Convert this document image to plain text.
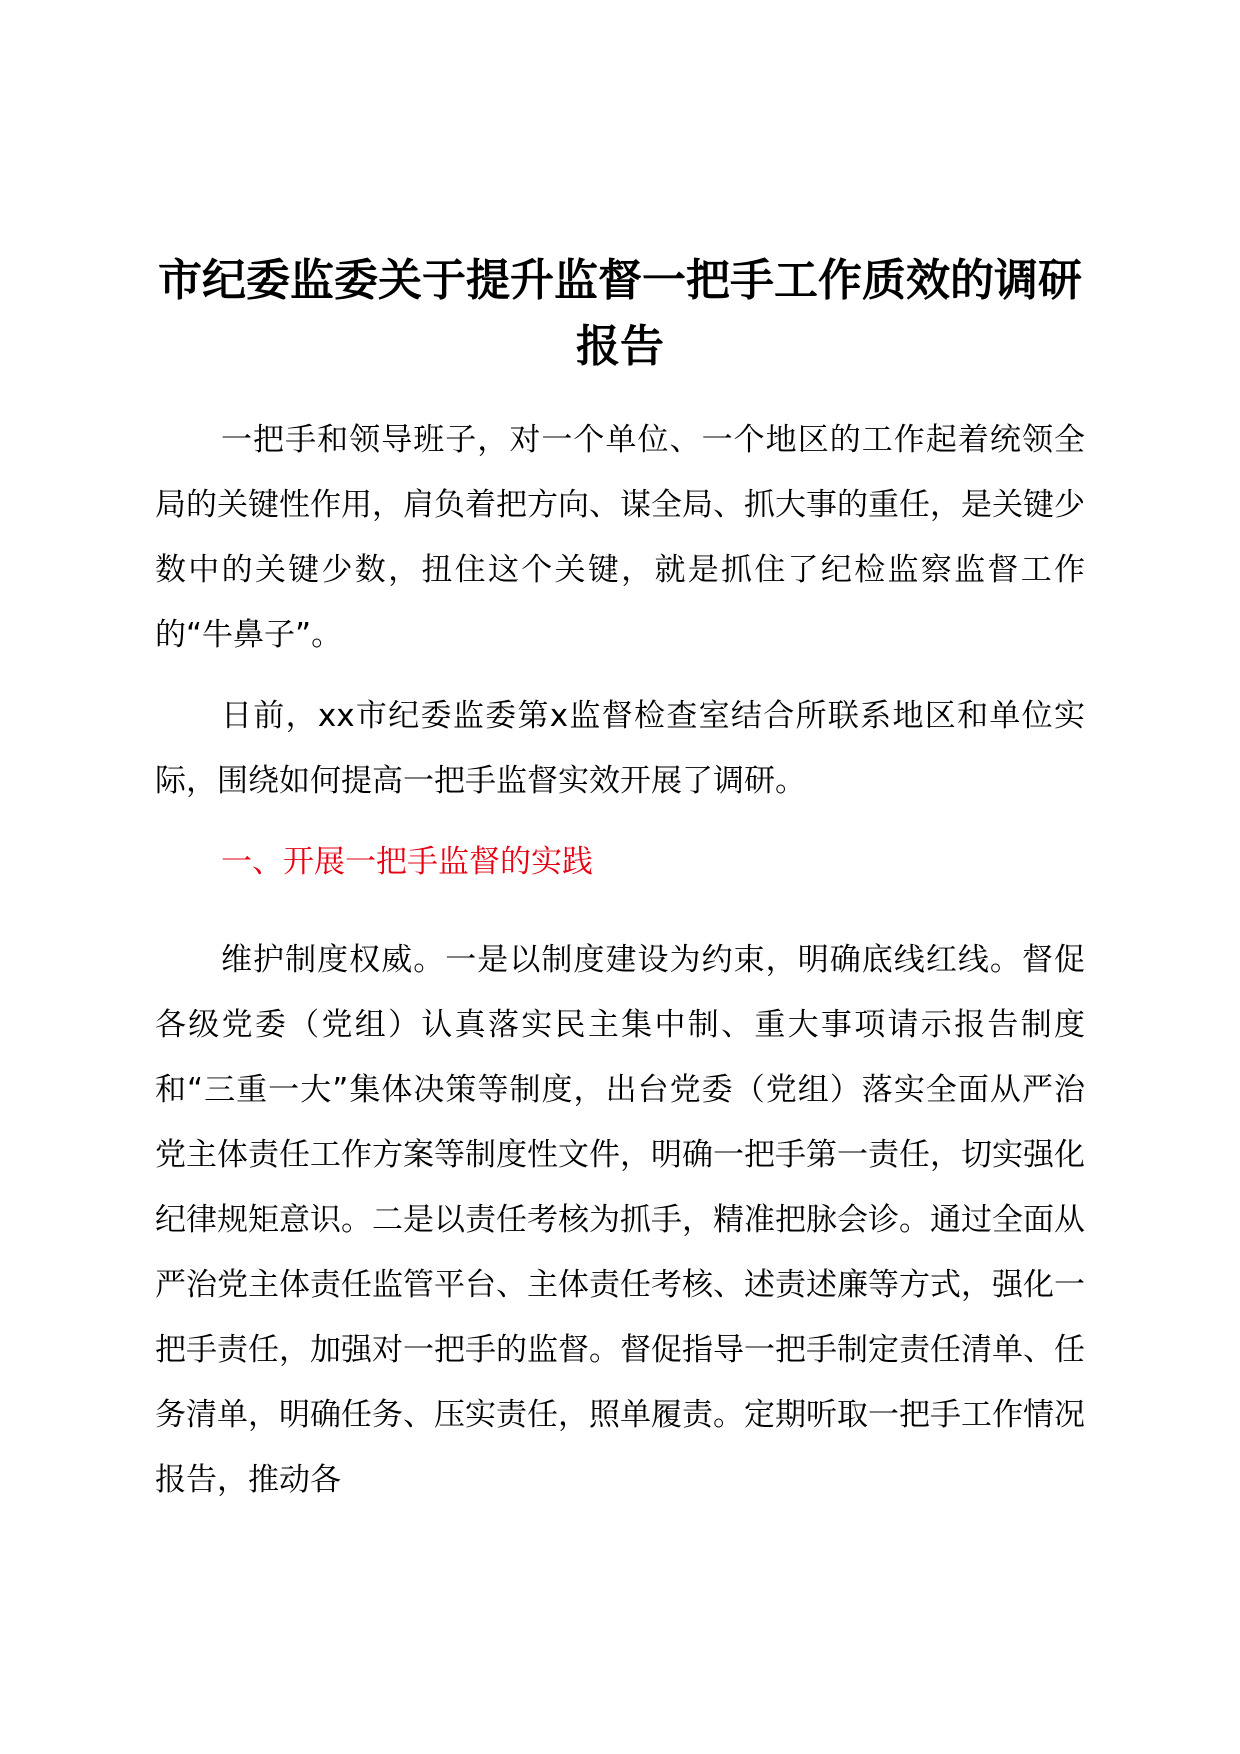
市纪委监委关于提升监督一把手工作质效的调研报告

一把手和领导班子，对一个单位、一个地区的工作起着统领全局的关键性作用，肩负着把方向、谋全局、抓大事的重任，是关键少数中的关键少数，扭住这个关键，就是抓住了纪检监察监督工作的“牛鼻子”。

日前，xx市纪委监委第x监督检查室结合所联系地区和单位实际，围绕如何提高一把手监督实效开展了调研。

一、开展一把手监督的实践

维护制度权威。一是以制度建设为约束，明确底线红线。督促各级党委（党组）认真落实民主集中制、重大事项请示报告制度和“三重一大”集体决策等制度，出台党委（党组）落实全面从严治党主体责任工作方案等制度性文件，明确一把手第一责任，切实强化纪律规矩意识。二是以责任考核为抓手，精准把脉会诊。通过全面从严治党主体责任监管平台、主体责任考核、述责述廉等方式，强化一把手责任，加强对一把手的监督。督促指导一把手制定责任清单、任务清单，明确任务、压实责任，照单履责。定期听取一把手工作情况报告，推动各
